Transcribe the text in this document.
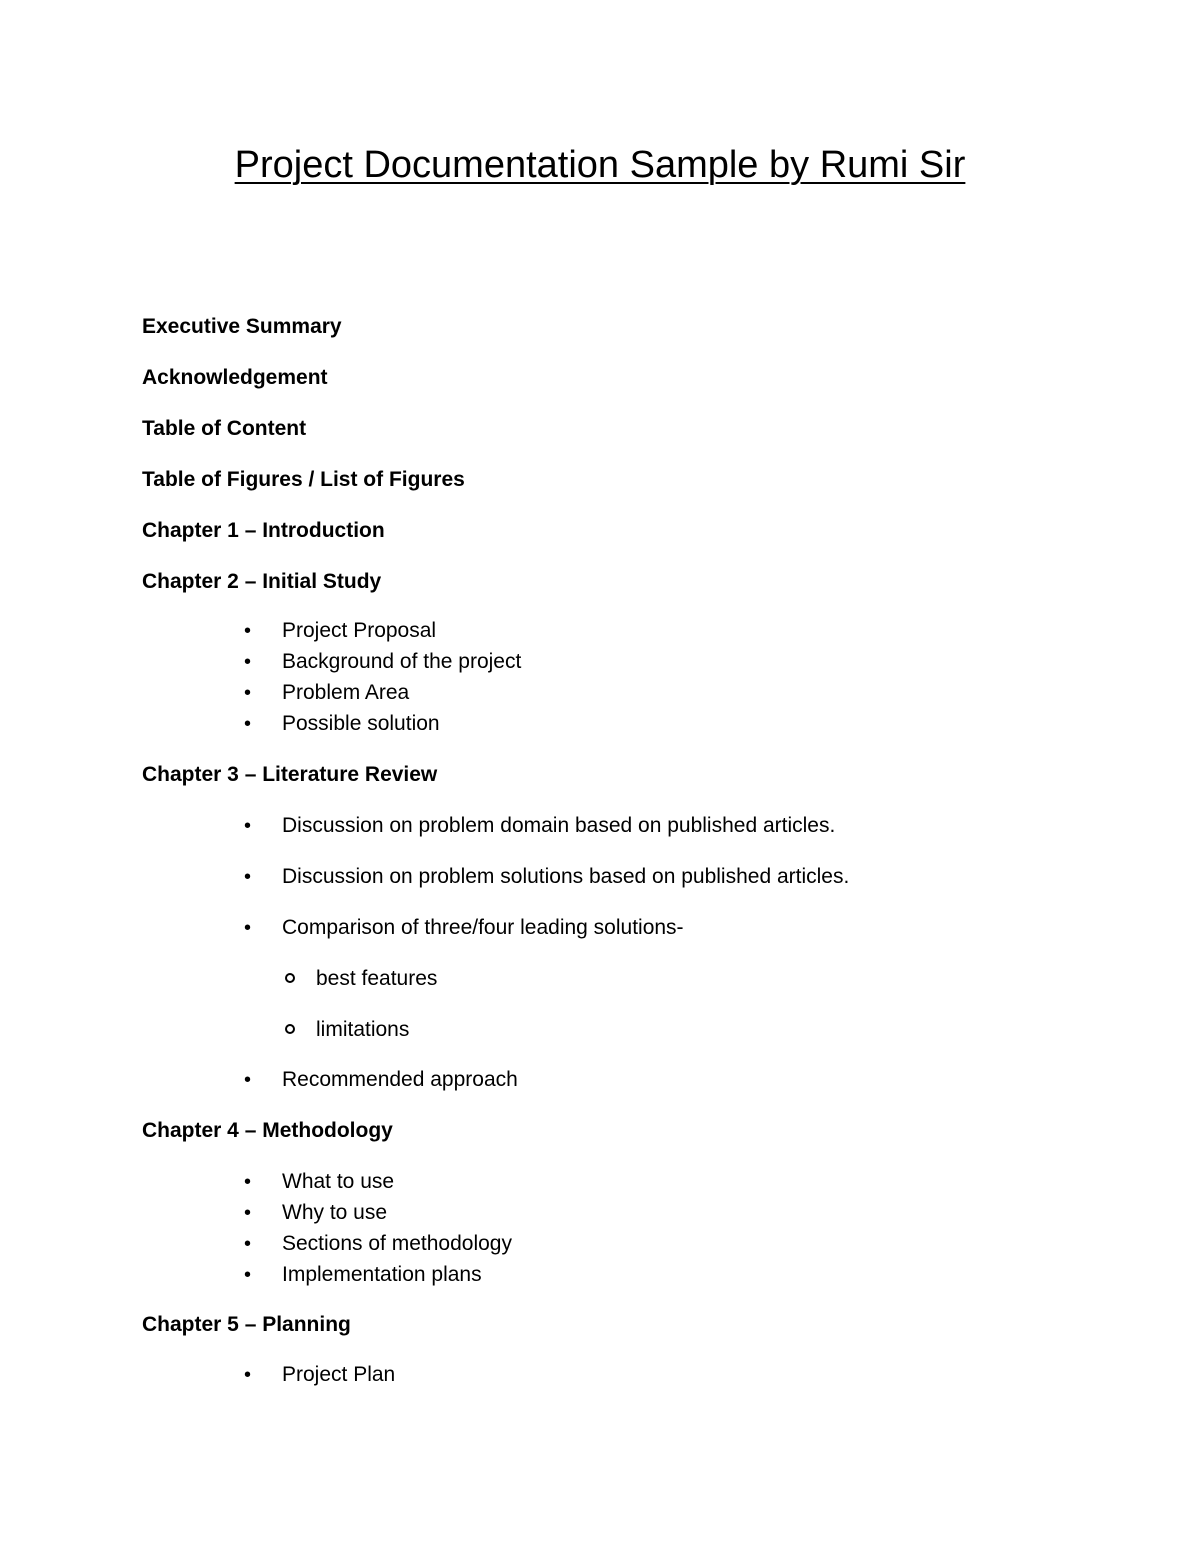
Project Documentation Sample by Rumi Sir
Executive Summary
Acknowledgement
Table of Content
Table of Figures / List of Figures
Chapter 1 – Introduction
Chapter 2 – Initial Study
• Project Proposal
• Background of the project
• Problem Area
• Possible solution
Chapter 3 – Literature Review
• Discussion on problem domain based on published articles.
• Discussion on problem solutions based on published articles.
• Comparison of three/four leading solutions-
best features
limitations
• Recommended approach
Chapter 4 – Methodology
• What to use
• Why to use
• Sections of methodology
• Implementation plans
Chapter 5 – Planning
• Project Plan
